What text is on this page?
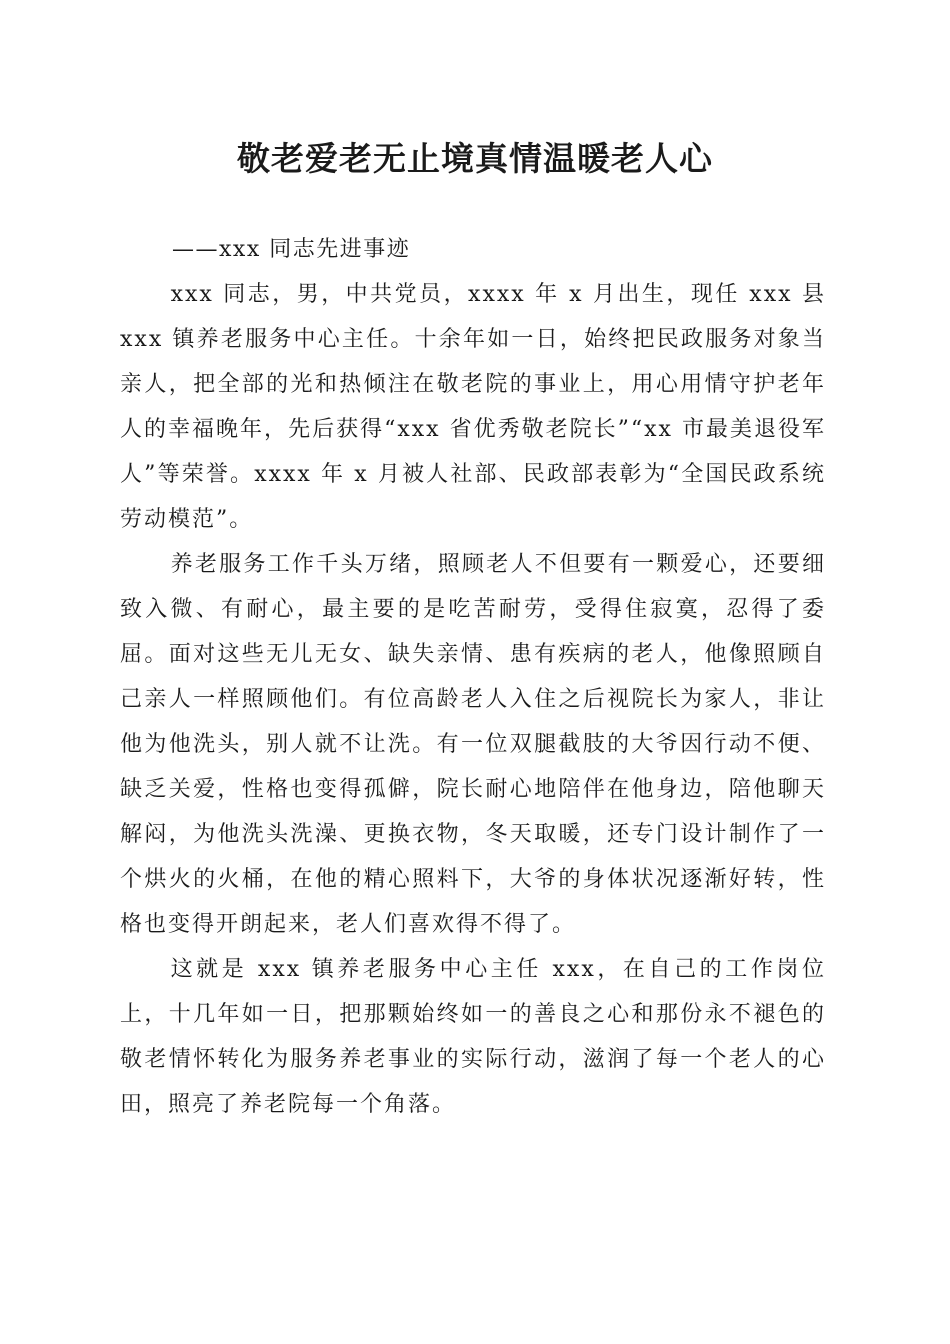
敬老爱老无止境真情温暖老人心

——xxx 同志先进事迹

xxx 同志，男，中共党员，xxxx 年 x 月出生，现任 xxx 县 xxx 镇养老服务中心主任。十余年如一日，始终把民政服务对象当亲人，把全部的光和热倾注在敬老院的事业上，用心用情守护老年人的幸福晚年，先后获得“xxx 省优秀敬老院长”“xx 市最美退役军人”等荣誉。xxxx 年 x 月被人社部、民政部表彰为“全国民政系统劳动模范”。

养老服务工作千头万绪，照顾老人不但要有一颗爱心，还要细致入微、有耐心，最主要的是吃苦耐劳，受得住寂寞，忍得了委屈。面对这些无儿无女、缺失亲情、患有疾病的老人，他像照顾自己亲人一样照顾他们。有位高龄老人入住之后视院长为家人，非让他为他洗头，别人就不让洗。有一位双腿截肢的大爷因行动不便、缺乏关爱，性格也变得孤僻，院长耐心地陪伴在他身边，陪他聊天解闷，为他洗头洗澡、更换衣物，冬天取暖，还专门设计制作了一个烘火的火桶，在他的精心照料下，大爷的身体状况逐渐好转，性格也变得开朗起来，老人们喜欢得不得了。

这就是 xxx 镇养老服务中心主任 xxx，在自己的工作岗位上，十几年如一日，把那颗始终如一的善良之心和那份永不褪色的敬老情怀转化为服务养老事业的实际行动，滋润了每一个老人的心田，照亮了养老院每一个角落。
